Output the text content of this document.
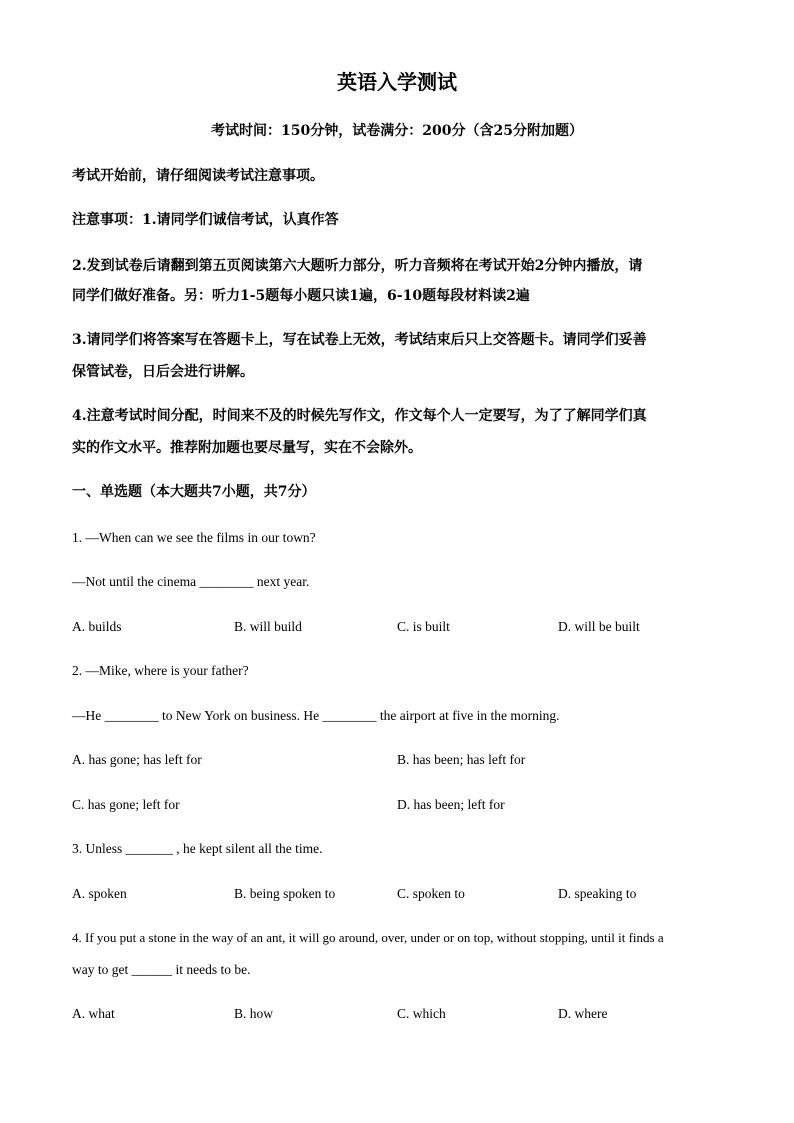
英语入学测试
考试时间：150分钟，试卷满分：200分（含25分附加题）
考试开始前，请仔细阅读考试注意事项。
注意事项：1.请同学们诚信考试，认真作答
2.发到试卷后请翻到第五页阅读第六大题听力部分，听力音频将在考试开始2分钟内播放，请
同学们做好准备。另：听力1-5题每小题只读1遍，6-10题每段材料读2遍
3.请同学们将答案写在答题卡上，写在试卷上无效，考试结束后只上交答题卡。请同学们妥善
保管试卷，日后会进行讲解。
4.注意考试时间分配，时间来不及的时候先写作文，作文每个人一定要写，为了了解同学们真
实的作文水平。推荐附加题也要尽量写，实在不会除外。
一、单选题（本大题共7小题，共7分）
1. —When can we see the films in our town?
—Not until the cinema ________ next year.
A. builds	B. will build	C. is built	D. will be built
2. —Mike, where is your father?
—He ________ to New York on business. He ________ the airport at five in the morning.
A. has gone; has left for	B. has been; has left for
C. has gone; left for	D. has been; left for
3. Unless _______ , he kept silent all the time.
A. spoken	B. being spoken to	C. spoken to	D. speaking to
4. If you put a stone in the way of an ant, it will go around, over, under or on top, without stopping, until it finds a
way to get ______ it needs to be.
A. what	B. how	C. which	D. where
